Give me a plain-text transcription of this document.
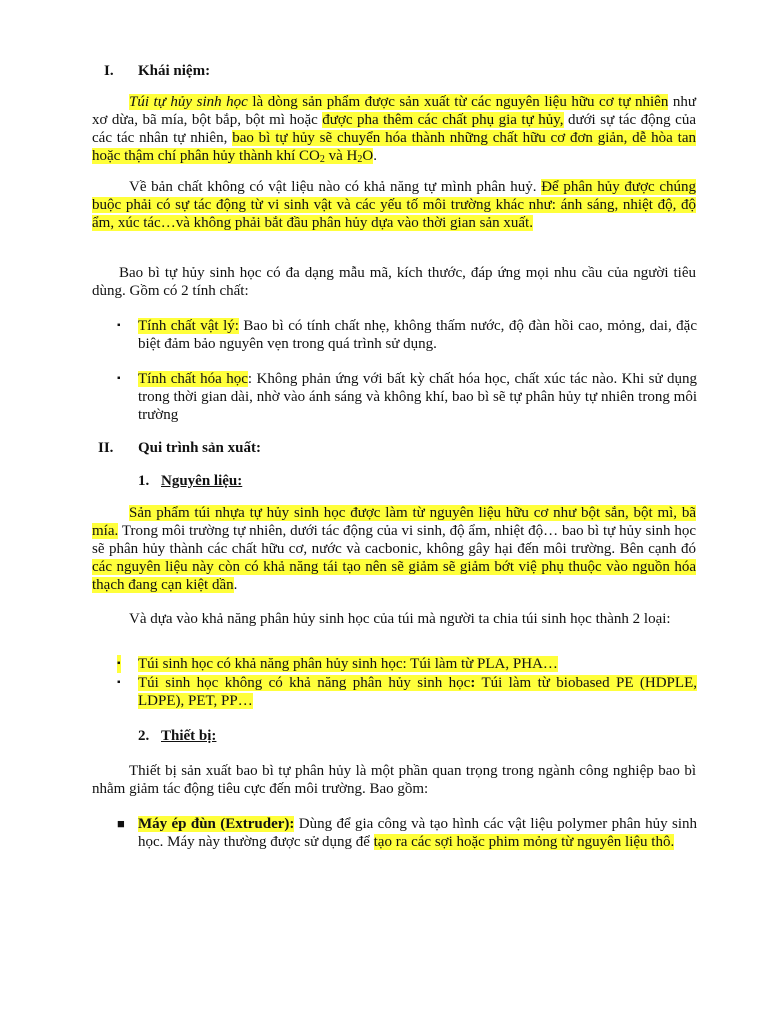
I. Khái niệm:

Túi tự hủy sinh học là dòng sản phẩm được sản xuất từ các nguyên liệu hữu cơ tự nhiên như xơ dừa, bã mía, bột bắp, bột mì hoặc được pha thêm các chất phụ gia tự hủy, dưới sự tác động của các tác nhân tự nhiên, bao bì tự hủy sẽ chuyển hóa thành những chất hữu cơ đơn giản, dễ hòa tan hoặc thậm chí phân hủy thành khí $CO_2$ và $H_2O$.

Về bản chất không có vật liệu nào có khả năng tự mình phân huỷ. Để phân hủy được chúng buộc phải có sự tác động từ vi sinh vật và các yếu tố môi trường khác như: ánh sáng, nhiệt độ, độ ẩm, xúc tác…và không phải bắt đầu phân hủy dựa vào thời gian sản xuất.

Bao bì tự hủy sinh học có đa dạng mẫu mã, kích thước, đáp ứng mọi nhu cầu của người tiêu dùng. Gồm có 2 tính chất:

▪ Tính chất vật lý: Bao bì có tính chất nhẹ, không thấm nước, độ đàn hồi cao, mỏng, dai, đặc biệt đảm bảo nguyên vẹn trong quá trình sử dụng.
▪ Tính chất hóa học: Không phản ứng với bất kỳ chất hóa học, chất xúc tác nào. Khi sử dụng trong thời gian dài, nhờ vào ánh sáng và không khí, bao bì sẽ tự phân hủy tự nhiên trong môi trường

II. Qui trình sản xuất:

1. Nguyên liệu:

Sản phẩm túi nhựa tự hủy sinh học được làm từ nguyên liệu hữu cơ như bột sắn, bột mì, bã mía. Trong môi trường tự nhiên, dưới tác động của vi sinh, độ ẩm, nhiệt độ… bao bì tự hủy sinh học sẽ phân hủy thành các chất hữu cơ, nước và cacbonic, không gây hại đến môi trường. Bên cạnh đó các nguyên liệu này còn có khả năng tái tạo nên sẽ giảm sẽ giảm bớt việ phụ thuộc vào nguồn hóa thạch đang cạn kiệt dần.

Và dựa vào khả năng phân hủy sinh học của túi mà người ta chia túi sinh học thành 2 loại:

▪ Túi sinh học có khả năng phân hủy sinh học: Túi làm từ PLA, PHA…
▪ Túi sinh học không có khả năng phân hủy sinh học: Túi làm từ biobased PE (HDPLE, LDPE), PET, PP…

2. Thiết bị:

Thiết bị sản xuất bao bì tự phân hủy là một phần quan trọng trong ngành công nghiệp bao bì nhằm giảm tác động tiêu cực đến môi trường. Bao gồm:

■ Máy ép đùn (Extruder): Dùng để gia công và tạo hình các vật liệu polymer phân hủy sinh học. Máy này thường được sử dụng để tạo ra các sợi hoặc phim mỏng từ nguyên liệu thô.
